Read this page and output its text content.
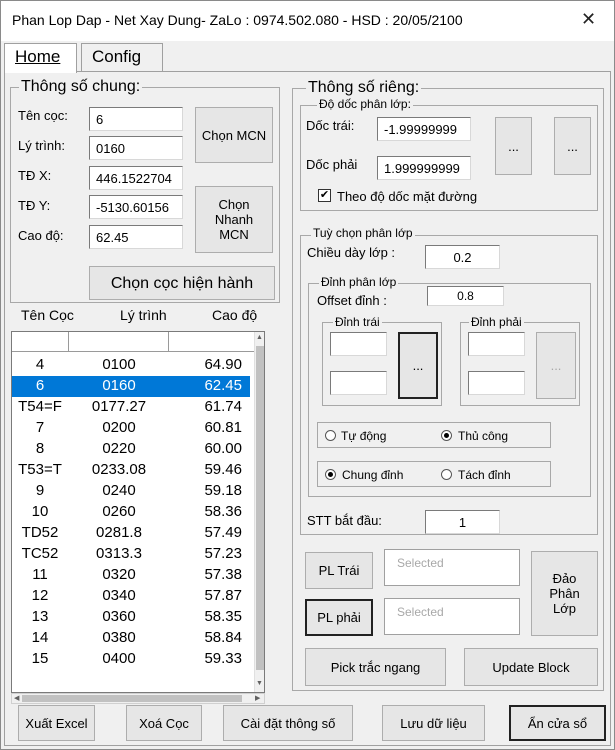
Phan Lop Dap - Net Xay Dung- ZaLo : 0974.502.080 - HSD : 20/05/2100	✕
Home	Config
Thông số chung:
Tên cọc:	6
Lý trình:	0160
TĐ X:	446.1522704
TĐ Y:	-5130.60156
Cao độ:	62.45
Chọn MCN
Chọn
Nhanh
MCN
Chọn cọc hiện hành
Tên Cọc	Lý trình	Cao độ
4	0100	64.90
6	0160	62.45
T54=F	0177.27	61.74
7	0200	60.81
8	0220	60.00
T53=T	0233.08	59.46
9	0240	59.18
10	0260	58.36
TD52	0281.8	57.49
TC52	0313.3	57.23
11	0320	57.38
12	0340	57.87
13	0360	58.35
14	0380	58.84
15	0400	59.33
▲
▼
◀	▶
Thông số riêng:
Độ dốc phân lớp:
Dốc trái:	-1.99999999
Dốc phải	1.999999999
...	...
✔ Theo độ dốc mặt đường
Tuỳ chọn phân lớp
Chiều dày lớp :	0.2
Đỉnh phân lớp
Offset đỉnh :	0.8
Đỉnh trái
...
Đỉnh phải
...
Tự động	Thủ công
Chung đỉnh	Tách đỉnh
STT bắt đầu:	1
PL Trái	Selected
PL phải	Selected
Đảo
Phân
Lớp
Pick trắc ngang	Update Block
Xuất Excel	Xoá Cọc	Cài đặt thông số	Lưu dữ liệu	Ẩn cửa sổ
